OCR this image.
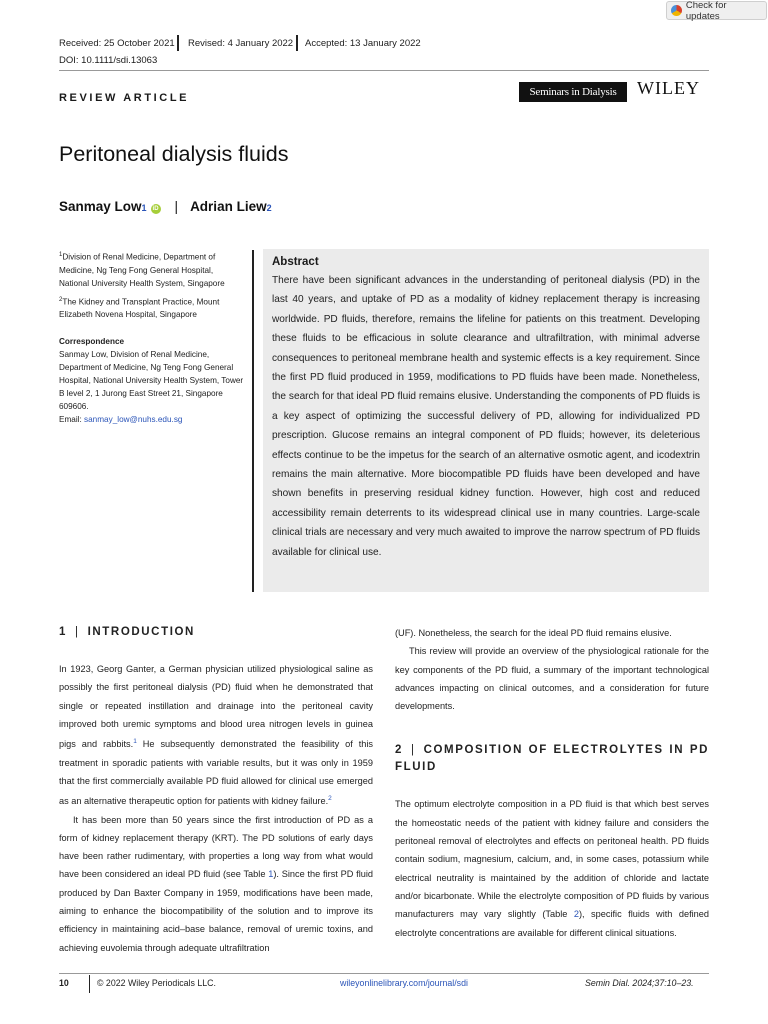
Check for updates
Received: 25 October 2021 Revised: 4 January 2022 Accepted: 13 January 2022
DOI: 10.1111/sdi.13063
REVIEW ARTICLE	Seminars in Dialysis	WILEY
Peritoneal dialysis fluids
Sanmay Low 1	iD | Adrian Liew 2

$^1$Division of Renal Medicine, Department of Medicine, Ng Teng Fong General Hospital, National University Health System, Singapore

$^2$The Kidney and Transplant Practice, Mount Elizabeth Novena Hospital, Singapore

Correspondence

Sanmay Low, Division of Renal Medicine, Department of Medicine, Ng Teng Fong General Hospital, National University Health System, Tower B level 2, 1 Jurong East Street 21, Singapore 609606.
Email: sanmay_low@nuhs.edu.sg

Abstract

There have been significant advances in the understanding of peritoneal dialysis (PD) in the last 40 years, and uptake of PD as a modality of kidney replacement therapy is increasing worldwide. PD fluids, therefore, remains the lifeline for patients on this treatment. Developing these fluids to be efficacious in solute clearance and ultrafiltration, with minimal adverse consequences to peritoneal membrane health and systemic effects is a key requirement. Since the first PD fluid produced in 1959, modifications to PD fluids have been made. Nonetheless, the search for that ideal PD fluid remains elusive. Understanding the components of PD fluids is a key aspect of optimizing the successful delivery of PD, allowing for individualized PD prescription. Glucose remains an integral component of PD fluids; however, its deleterious effects continue to be the impetus for the search of an alternative osmotic agent, and icodextrin remains the main alternative. More biocompatible PD fluids have been developed and have shown benefits in preserving residual kidney function. However, high cost and reduced accessibility remain deterrents to its widespread clinical use in many countries. Large-scale clinical trials are necessary and very much awaited to improve the narrow spectrum of PD fluids available for clinical use.

1 | INTRODUCTION

In 1923, Georg Ganter, a German physician utilized physiological saline as possibly the first peritoneal dialysis (PD) fluid when he demonstrated that single or repeated instillation and drainage into the peritoneal cavity improved both uremic symptoms and blood urea nitrogen levels in guinea pigs and rabbits.$^1$ He subsequently demonstrated the feasibility of this treatment in sporadic patients with variable results, but it was only in 1959 that the first commercially available PD fluid allowed for clinical use emerged as an alternative therapeutic option for patients with kidney failure.$^2$

It has been more than 50 years since the first introduction of PD as a form of kidney replacement therapy (KRT). The PD solutions of early days have been rather rudimentary, with properties a long way from what would have been considered an ideal PD fluid (see Table 1). Since the first PD fluid produced by Dan Baxter Company in 1959, modifications have been made, aiming to enhance the biocompatibility of the solution and to improve its efficiency in maintaining acid–base balance, removal of uremic toxins, and achieving euvolemia through adequate ultrafiltration

(UF). Nonetheless, the search for the ideal PD fluid remains elusive.

This review will provide an overview of the physiological rationale for the key components of the PD fluid, a summary of the important technological advances impacting on clinical outcomes, and a consideration for future developments.

2 | COMPOSITION OF ELECTROLYTES IN PD FLUID

The optimum electrolyte composition in a PD fluid is that which best serves the homeostatic needs of the patient with kidney failure and considers the peritoneal removal of electrolytes and effects on peritoneal health. PD fluids contain sodium, magnesium, calcium, and, in some cases, potassium while electrical neutrality is maintained by the addition of chloride and lactate and/or bicarbonate. While the electrolyte composition of PD fluids by various manufacturers may vary slightly (Table 2), specific fluids with defined electrolyte concentrations are available for different clinical situations.

10	© 2022 Wiley Periodicals LLC.	wileyonlinelibrary.com/journal/sdi	Semin Dial. 2024;37:10–23.
